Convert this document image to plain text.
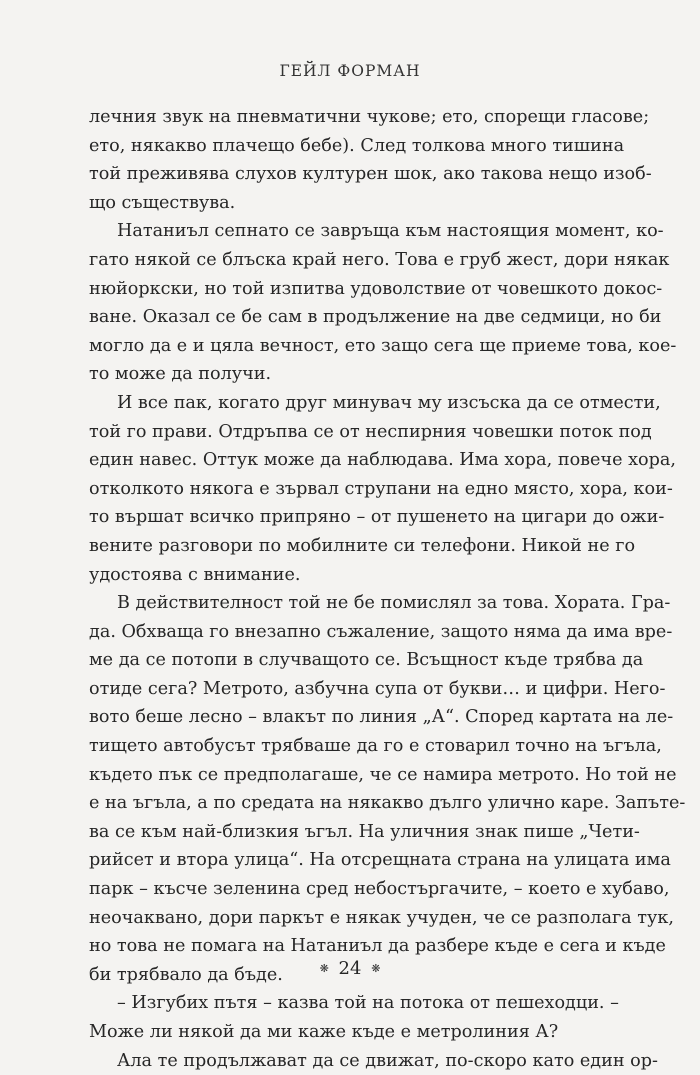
ГЕЙЛ ФОРМАН
лечния звук на пневматични чукове; ето, спорещи гласове;
ето, някакво плачещо бебе). След толкова много тишина
той преживява слухов културен шок, ако такова нещо изоб-
що съществува.
Натаниъл сепнато се завръща към настоящия момент, ко-
гато някой се блъска край него. Това е груб жест, дори някак
нюйоркски, но той изпитва удоволствие от човешкото докос-
ване. Оказал се бе сам в продължение на две седмици, но би
могло да е и цяла вечност, ето защо сега ще приеме това, кое-
то може да получи.
И все пак, когато друг минувач му изсъска да се отмести,
той го прави. Отдръпва се от неспирния човешки поток под
един навес. Оттук може да наблюдава. Има хора, повече хора,
отколкото някога е зървал струпани на едно място, хора, кои-
то вършат всичко припряно – от пушенето на цигари до ожи-
вените разговори по мобилните си телефони. Никой не го
удостоява с внимание.
В действителност той не бе помислял за това. Хората. Гра-
да. Обхваща го внезапно съжаление, защото няма да има вре-
ме да се потопи в случващото се. Всъщност къде трябва да
отиде сега? Метрото, азбучна супа от букви… и цифри. Него-
вото беше лесно – влакът по линия „А“. Според картата на ле-
тището автобусът трябваше да го е стоварил точно на ъгъла,
където пък се предполагаше, че се намира метрото. Но той не
е на ъгъла, а по средата на някакво дълго улично каре. Запъте-
ва се към най-близкия ъгъл. На уличния знак пише „Чети-
рийсет и втора улица“. На отсрещната страна на улицата има
парк – късче зеленина сред небостъргачите, – което е хубаво,
неочаквано, дори паркът е някак учуден, че се разполага тук,
но това не помага на Натаниъл да разбере къде е сега и къде
би трябвало да бъде.
– Изгубих пътя – казва той на потока от пешеходци. –
Може ли някой да ми каже къде е метролиния А?
Ала те продължават да се движат, по-скоро като един ор-
❋ 24 ❋
